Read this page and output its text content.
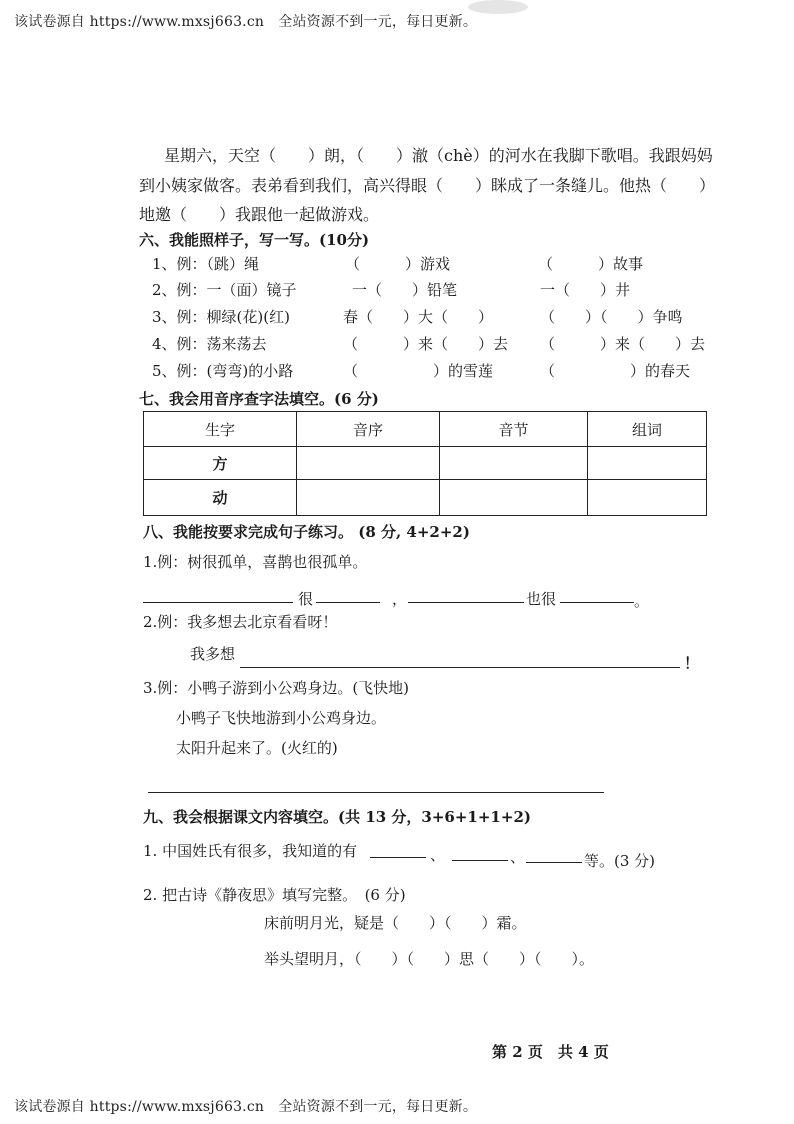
该试卷源自 https://www.mxsj663.cn　全站资源不到一元，每日更新。
星期六，天空（　　）朗，（　　）澈（chè）的河水在我脚下歌唱。我跟妈妈
到小姨家做客。表弟看到我们，高兴得眼（　　）眯成了一条缝儿。他热（　　）
地邀（　　）我跟他一起做游戏。
六、我能照样子，写一写。(10分)
1、例：（跳）绳	（　　　）游戏	（　　　）故事
2、例：一（面）镜子	一（　　）铅笔	一（　　）井
3、例：柳绿(花)(红)	春（　　）大（　　）	（　　）（　　）争鸣
4、例：荡来荡去	（　　　）来（　　）去 （　　　）来（　　）去
5、例：(弯弯)的小路	（　　　　　）的雪莲	（　　　　　）的春天
七、我会用音序查字法填空。(6 分)
生字	音序	音节	组词
方			
动			
八、我能按要求完成句子练习。 (8 分, 4+2+2)
1.例：树很孤单，喜鹊也很孤单。
很	，	也很	。
2.例：我多想去北京看看呀！
我多想	！
3.例：小鸭子游到小公鸡身边。(飞快地)
小鸭子飞快地游到小公鸡身边。
太阳升起来了。(火红的)
九、我会根据课文内容填空。(共 13 分，3+6+1+1+2)
1. 中国姓氏有很多，我知道的有	、	、	等。(3 分)
2. 把古诗《静夜思》填写完整。　(6 分)
床前明月光，疑是（　　）（　　）霜。
举头望明月，（　　）（　　）思（　　）（　　）。
第 2 页　共 4 页
该试卷源自 https://www.mxsj663.cn　全站资源不到一元，每日更新。
